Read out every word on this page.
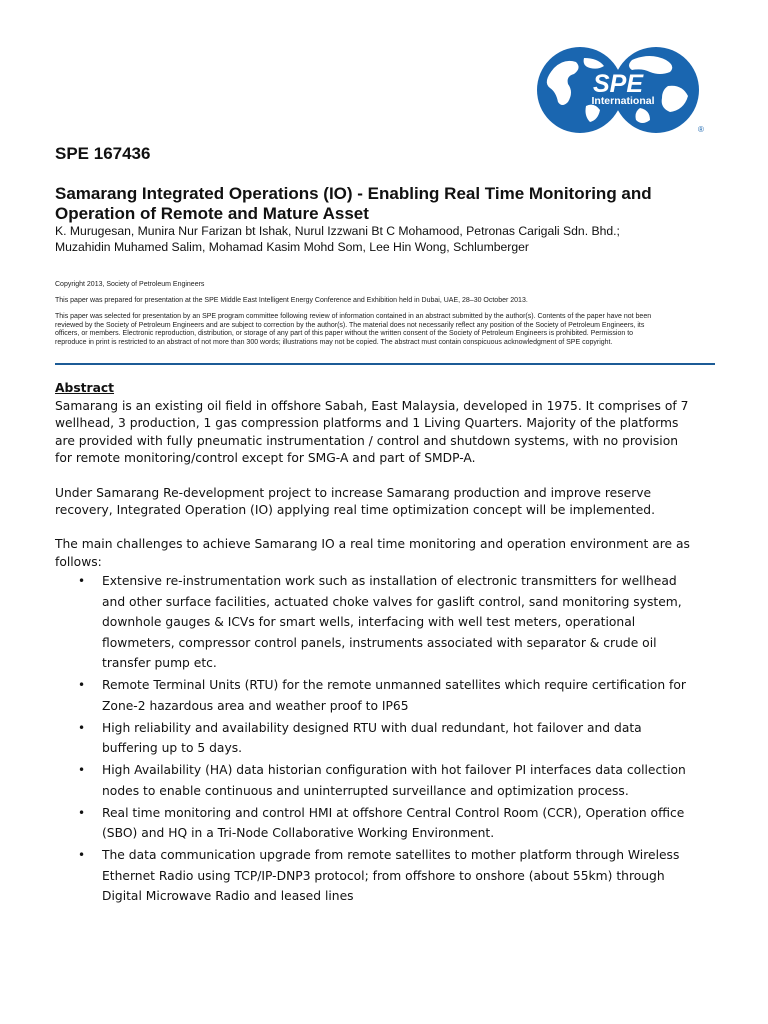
SPE
International
®
SPE 167436
Samarang Integrated Operations (IO) - Enabling Real Time Monitoring and
Operation of Remote and Mature Asset
K. Murugesan, Munira Nur Farizan bt Ishak, Nurul Izzwani Bt C Mohamood, Petronas Carigali Sdn. Bhd.;
Muzahidin Muhamed Salim, Mohamad Kasim Mohd Som, Lee Hin Wong, Schlumberger
Copyright 2013, Society of Petroleum Engineers
This paper was prepared for presentation at the SPE Middle East Intelligent Energy Conference and Exhibition held in Dubai, UAE, 28–30 October 2013.
This paper was selected for presentation by an SPE program committee following review of information contained in an abstract submitted by the author(s). Contents of the paper have not been
reviewed by the Society of Petroleum Engineers and are subject to correction by the author(s). The material does not necessarily reflect any position of the Society of Petroleum Engineers, its
officers, or members. Electronic reproduction, distribution, or storage of any part of this paper without the written consent of the Society of Petroleum Engineers is prohibited. Permission to
reproduce in print is restricted to an abstract of not more than 300 words; illustrations may not be copied. The abstract must contain conspicuous acknowledgment of SPE copyright.
Abstract
Samarang is an existing oil field in offshore Sabah, East Malaysia, developed in 1975. It comprises of 7
wellhead, 3 production, 1 gas compression platforms and 1 Living Quarters. Majority of the platforms
are provided with fully pneumatic instrumentation / control and shutdown systems, with no provision
for remote monitoring/control except for SMG-A and part of SMDP-A.
Under Samarang Re-development project to increase Samarang production and improve reserve
recovery, Integrated Operation (IO) applying real time optimization concept will be implemented.
The main challenges to achieve Samarang IO a real time monitoring and operation environment are as
follows:
• Extensive re-instrumentation work such as installation of electronic transmitters for wellhead
and other surface facilities, actuated choke valves for gaslift control, sand monitoring system,
downhole gauges & ICVs for smart wells, interfacing with well test meters, operational
flowmeters, compressor control panels, instruments associated with separator & crude oil
transfer pump etc.
• Remote Terminal Units (RTU) for the remote unmanned satellites which require certification for
Zone-2 hazardous area and weather proof to IP65
• High reliability and availability designed RTU with dual redundant, hot failover and data
buffering up to 5 days.
• High Availability (HA) data historian configuration with hot failover PI interfaces data collection
nodes to enable continuous and uninterrupted surveillance and optimization process.
• Real time monitoring and control HMI at offshore Central Control Room (CCR), Operation office
(SBO) and HQ in a Tri-Node Collaborative Working Environment.
• The data communication upgrade from remote satellites to mother platform through Wireless
Ethernet Radio using TCP/IP-DNP3 protocol; from offshore to onshore (about 55km) through
Digital Microwave Radio and leased lines
